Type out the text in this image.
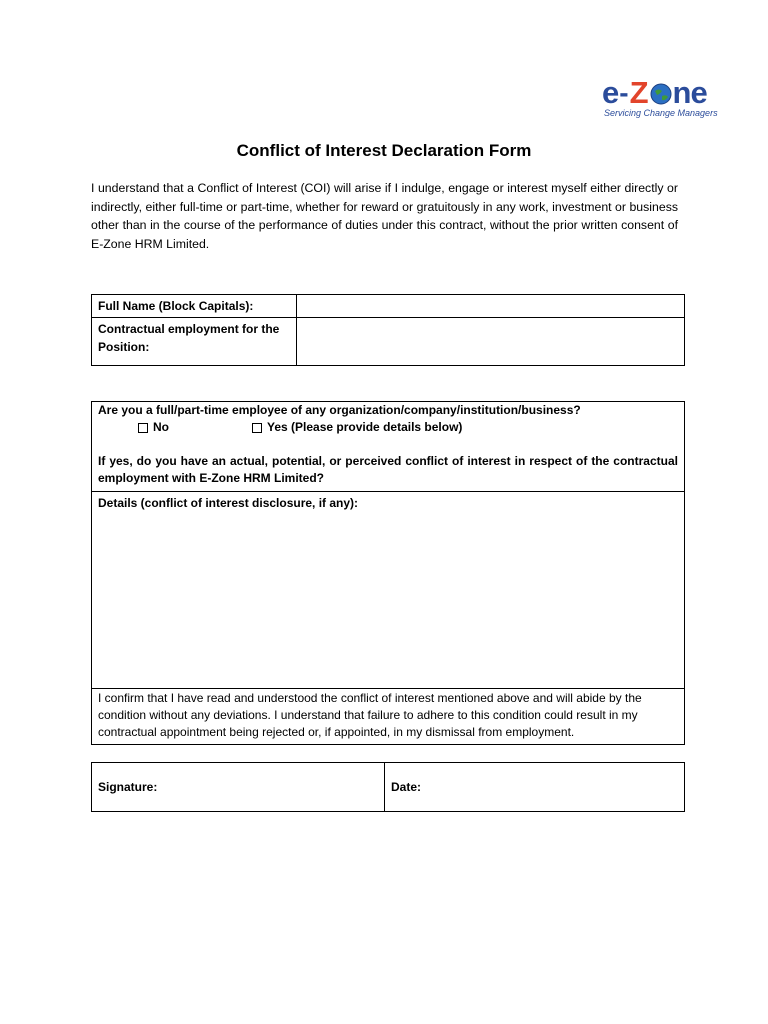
e - Z ne
Servicing Change Managers
Conflict of Interest Declaration Form

I understand that a Conflict of Interest (COI) will arise if I indulge, engage or interest myself either directly or indirectly, either full-time or part-time, whether for reward or gratuitously in any work, investment or business other than in the course of the performance of duties under this contract, without the prior written consent of E-Zone HRM Limited.

Full Name (Block Capitals):	
Contractual employment for the Position:	
Are you a full/part-time employee of any organization/company/institution/business?
No	Yes (Please provide details below)
If yes, do you have an actual, potential, or perceived conflict of interest in respect of the contractual employment with E-Zone HRM Limited?

Details (conflict of interest disclosure, if any):

I confirm that I have read and understood the conflict of interest mentioned above and will abide by the condition without any deviations. I understand that failure to adhere to this condition could result in my contractual appointment being rejected or, if appointed, in my dismissal from employment.
Signature:	Date:
